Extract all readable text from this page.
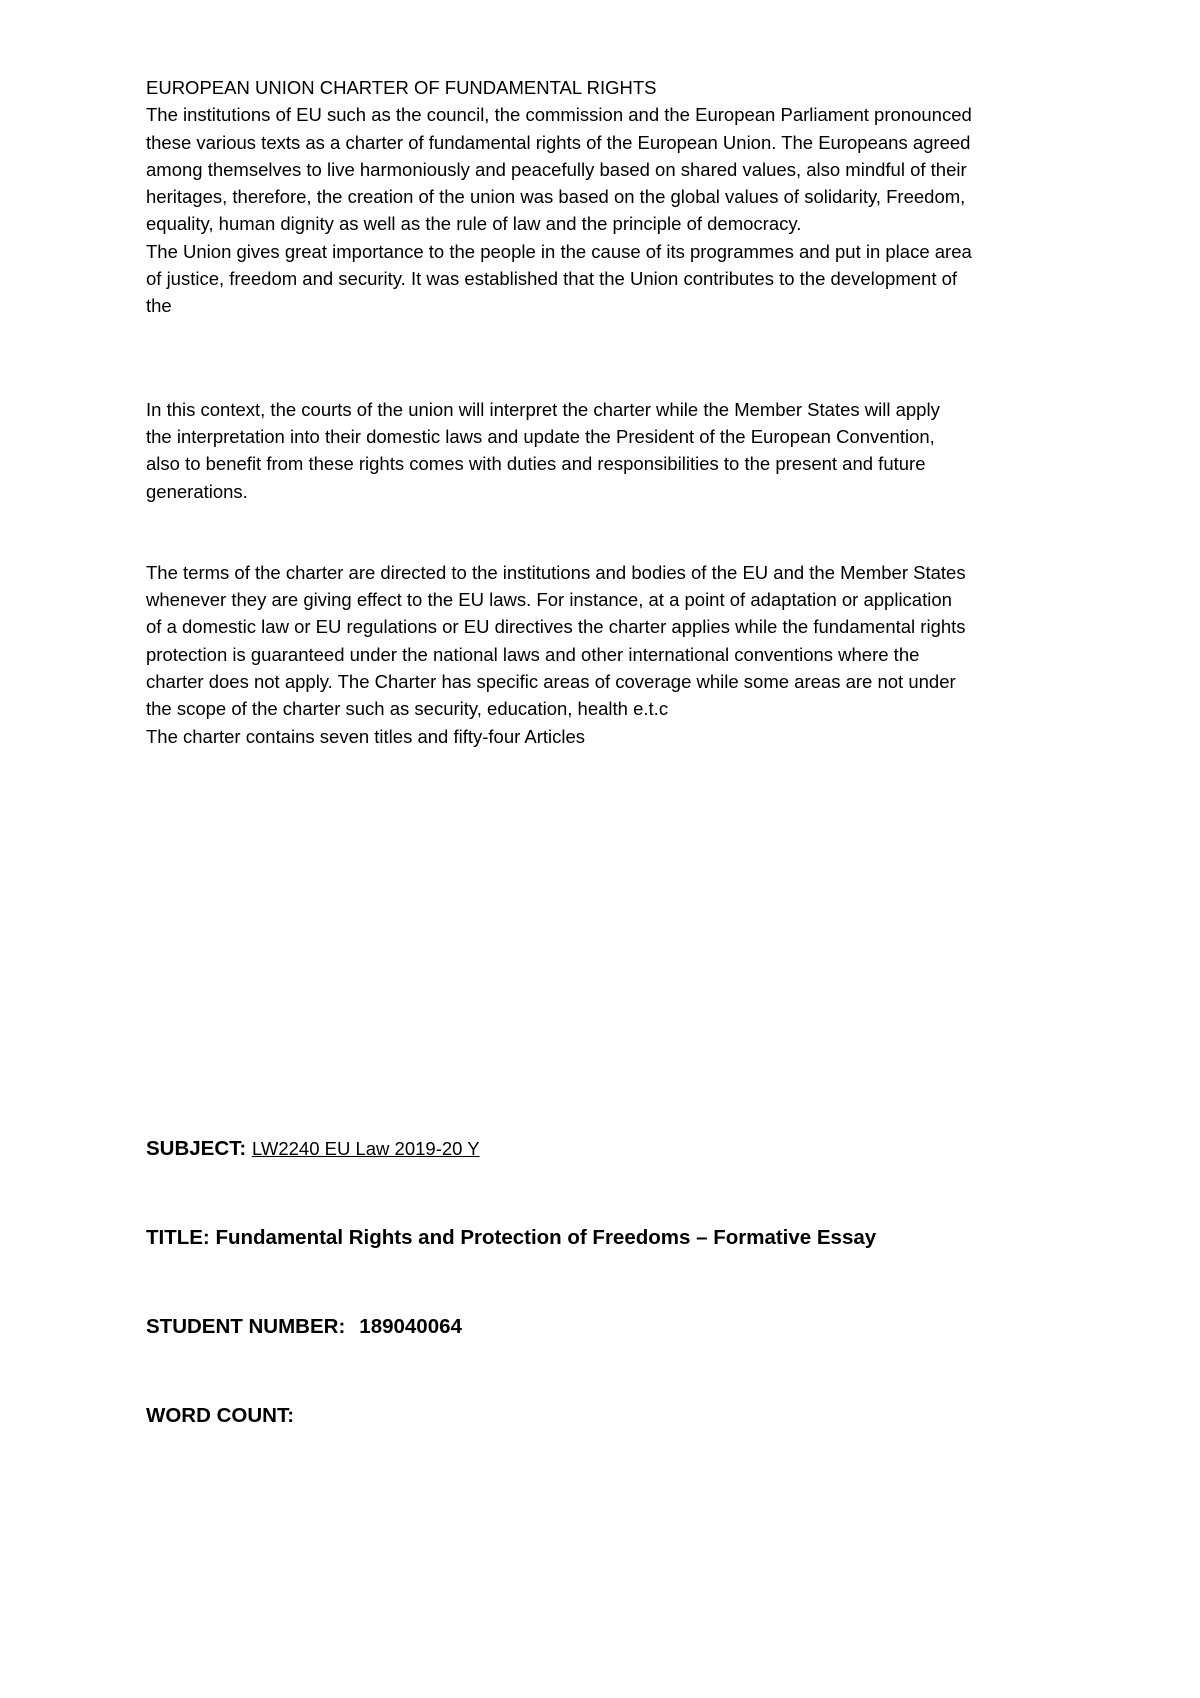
EUROPEAN UNION CHARTER OF FUNDAMENTAL RIGHTS
The institutions of EU such as the council, the commission and the European Parliament pronounced
these various texts as a charter of fundamental rights of the European Union. The Europeans agreed
among themselves to live harmoniously and peacefully based on shared values, also mindful of their
heritages, therefore, the creation of the union was based on the global values of solidarity, Freedom,
equality, human dignity as well as the rule of law and the principle of democracy.
The Union gives great importance to the people in the cause of its programmes and put in place area
of justice, freedom and security. It was established that the Union contributes to the development of
the
In this context, the courts of the union will interpret the charter while the Member States will apply
the interpretation into their domestic laws and update the President of the European Convention,
also to benefit from these rights comes with duties and responsibilities to the present and future
generations.
The terms of the charter are directed to the institutions and bodies of the EU and the Member States
whenever they are giving effect to the EU laws. For instance, at a point of adaptation or application
of a domestic law or EU regulations or EU directives the charter applies while the fundamental rights
protection is guaranteed under the national laws and other international conventions where the
charter does not apply. The Charter has specific areas of coverage while some areas are not under
the scope of the charter such as security, education, health e.t.c
The charter contains seven titles and fifty-four Articles
SUBJECT: LW2240 EU Law 2019-20 Y
TITLE: Fundamental Rights and Protection of Freedoms – Formative Essay
STUDENT NUMBER: 189040064
WORD COUNT:
